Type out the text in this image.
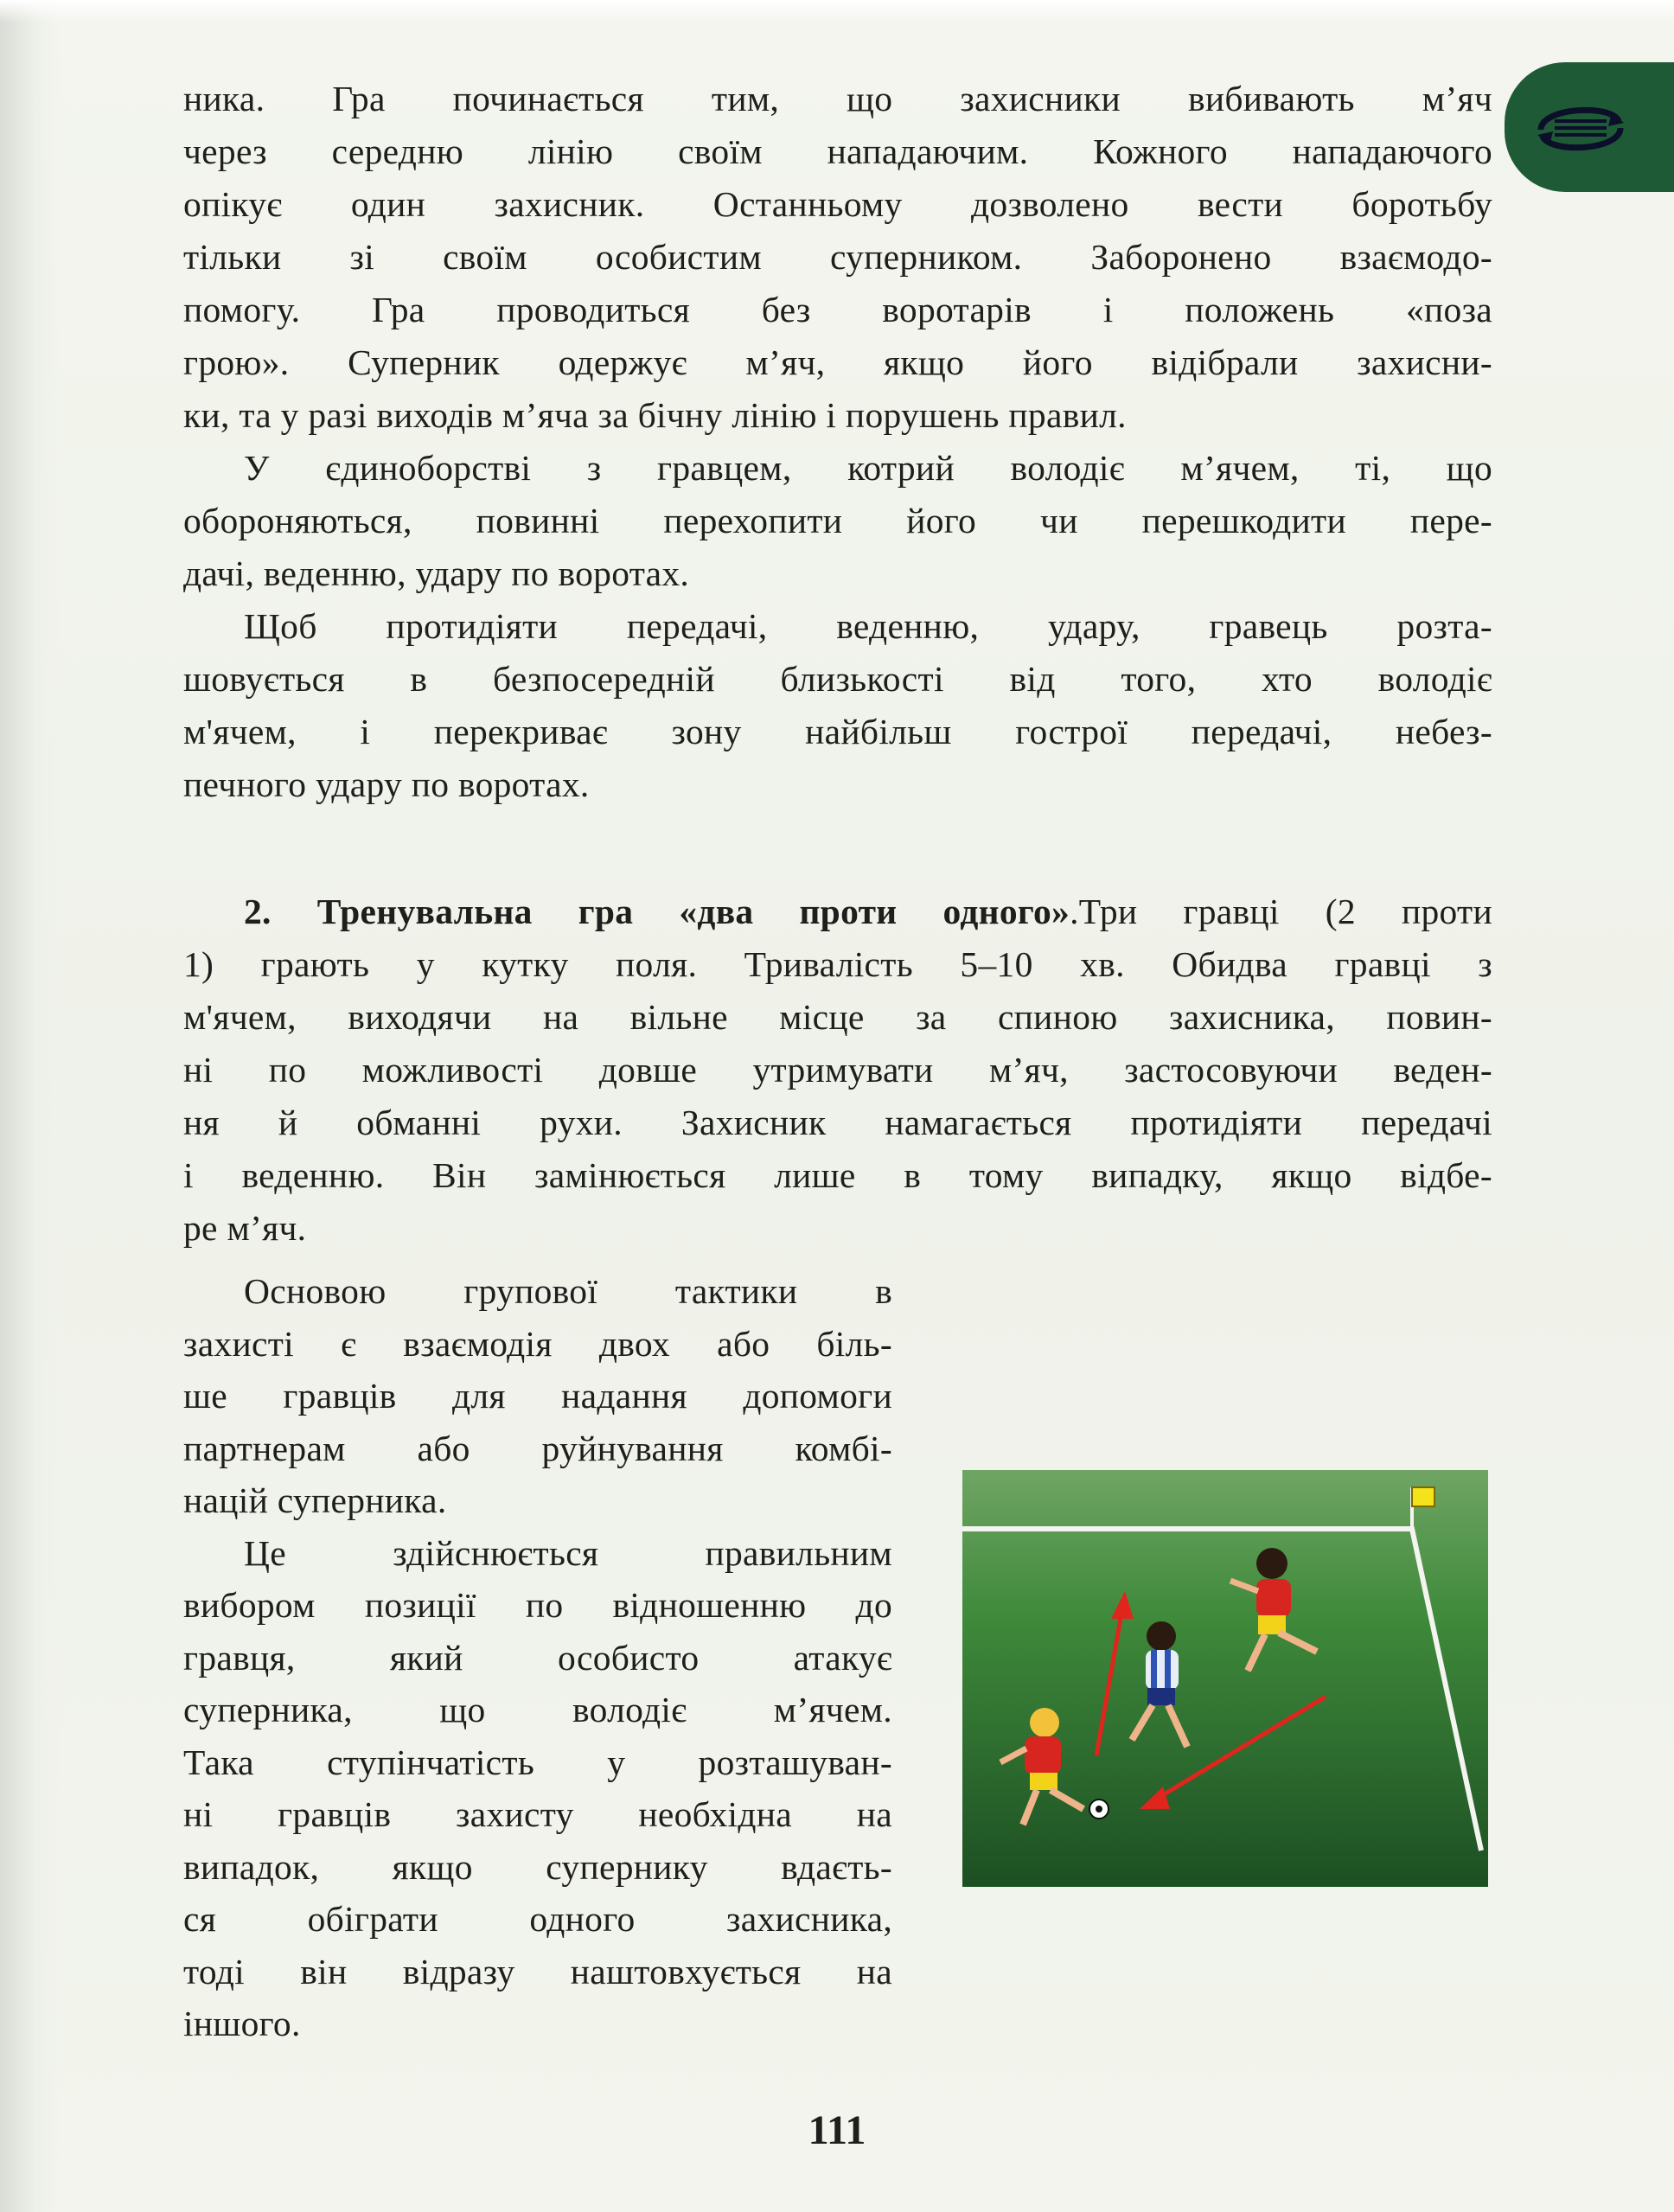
ника. Гра починається тим, що захисники вибивають м’яч
через середню лінію своїм нападаючим. Кожного нападаючого
опікує один захисник. Останньому дозволено вести боротьбу
тільки зі своїм особистим суперником. Заборонено взаємодо-
помогу. Гра проводиться без воротарів і положень «поза
грою». Суперник одержує м’яч, якщо його відібрали захисни-
ки, та у разі виходів м’яча за бічну лінію і порушень правил.
У єдиноборстві з гравцем, котрий володіє м’ячем, ті, що
обороняються, повинні перехопити його чи перешкодити пере-
дачі, веденню, удару по воротах.
Щоб протидіяти передачі, веденню, удару, гравець розта-
шовується в безпосередній близькості від того, хто володіє
м'ячем, і перекриває зону найбільш гострої передачі, небез-
печного удару по воротах.
2. Тренувальна гра «два проти одного».Три гравці (2 проти
1) грають у кутку поля. Тривалість 5–10 хв. Обидва гравці з
м'ячем, виходячи на вільне місце за спиною захисника, повин-
ні по можливості довше утримувати м’яч, застосовуючи веден-
ня й обманні рухи. Захисник намагається протидіяти передачі
і веденню. Він замінюється лише в тому випадку, якщо відбе-
ре м’яч.
Основою групової тактики в
захисті є взаємодія двох або біль-
ше гравців для надання допомоги
партнерам або руйнування комбі-
націй суперника.
Це здійснюється правильним
вибором позиції по відношенню до
гравця, який особисто атакує
суперника, що володіє м’ячем.
Така ступінчатість у розташуван-
ні гравців захисту необхідна на
випадок, якщо супернику вдаєть-
ся обіграти одного захисника,
тоді він відразу наштовхується на
іншого.
111
